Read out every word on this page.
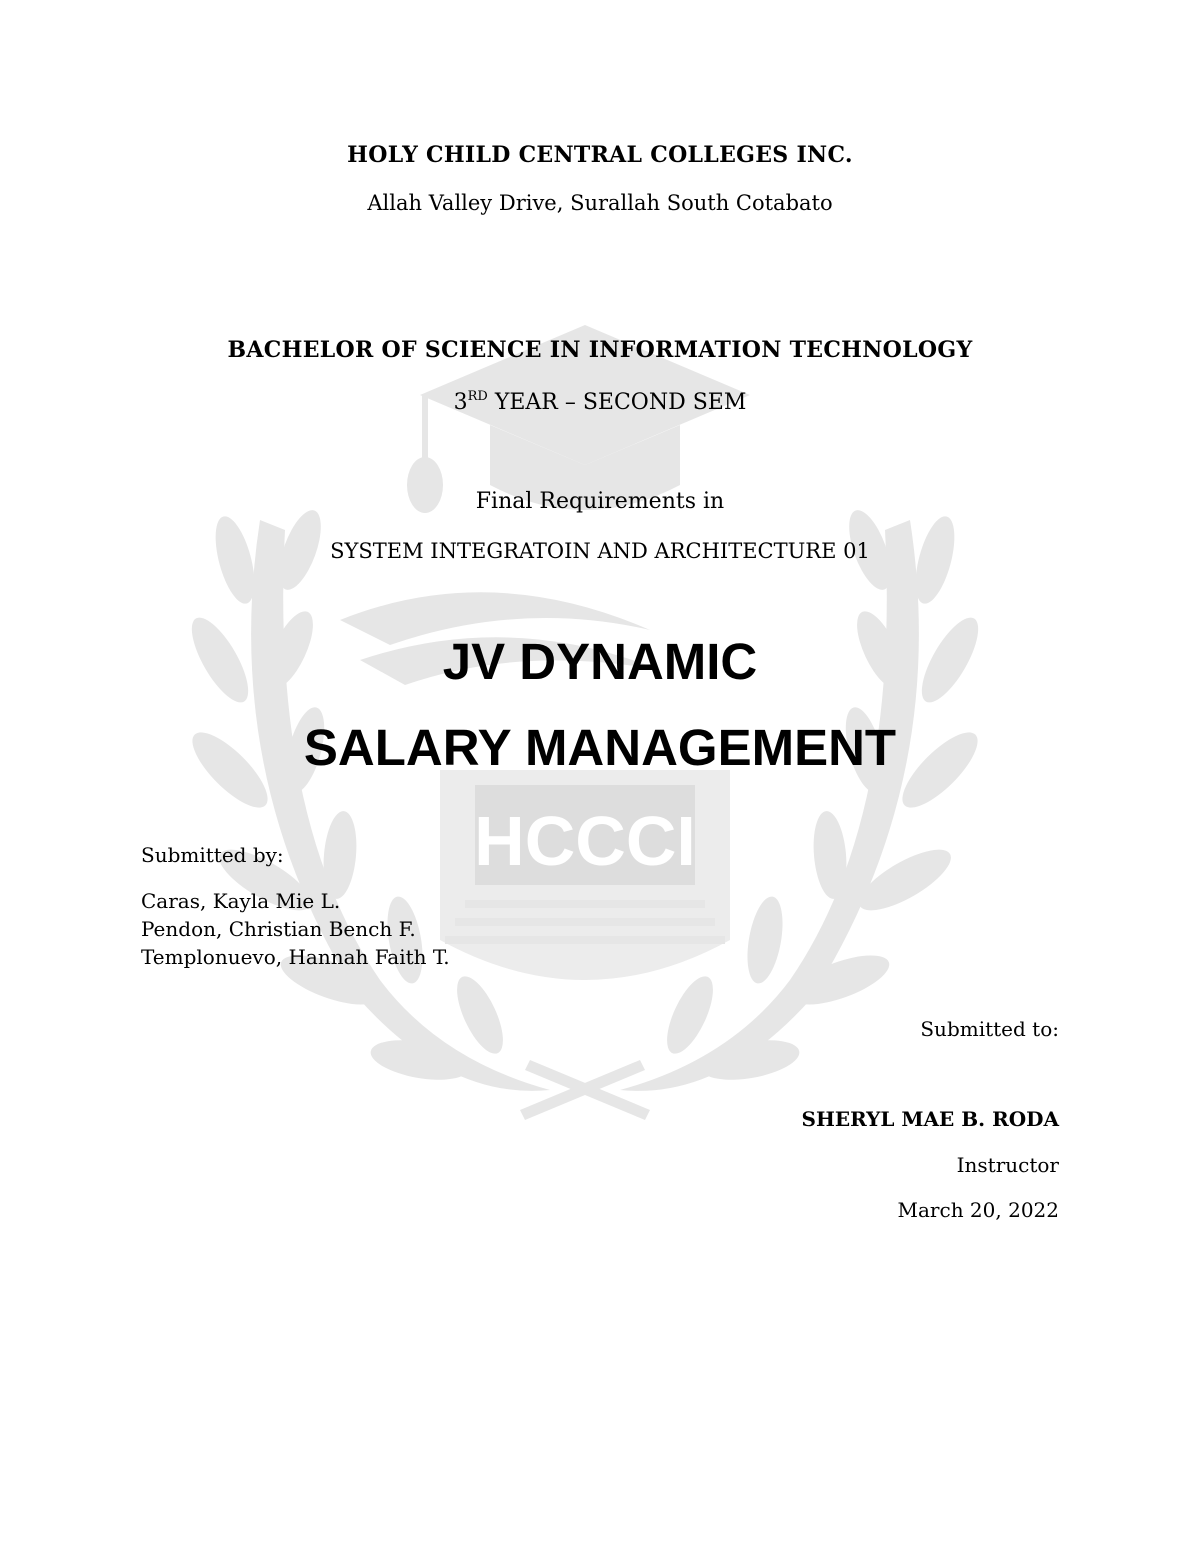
HCCCI
HOLY CHILD CENTRAL COLLEGES INC.
Allah Valley Drive, Surallah South Cotabato
BACHELOR OF SCIENCE IN INFORMATION TECHNOLOGY
3RD YEAR – SECOND SEM
Final Requirements in
SYSTEM INTEGRATOIN AND ARCHITECTURE 01
JV DYNAMIC
SALARY MANAGEMENT
Submitted by:
Caras, Kayla Mie L.
Pendon, Christian Bench F.
Templonuevo, Hannah Faith T.
Submitted to:
SHERYL MAE B. RODA
Instructor
March 20, 2022
